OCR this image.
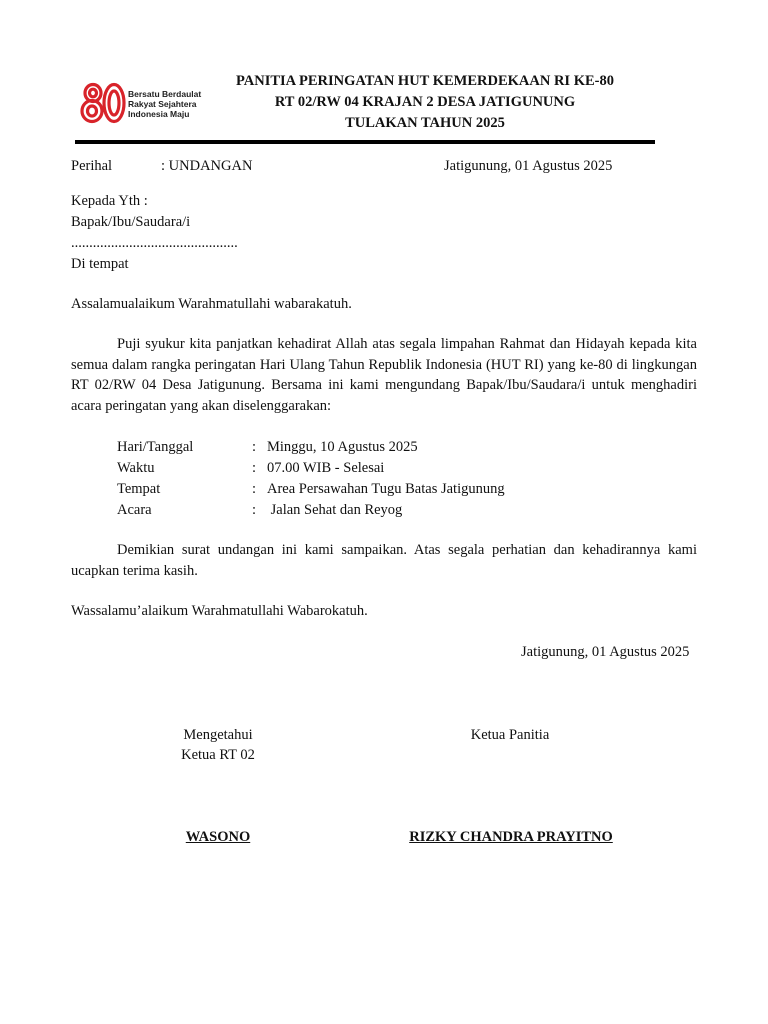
Bersatu Berdaulat
Rakyat Sejahtera
Indonesia Maju
PANITIA PERINGATAN HUT KEMERDEKAAN RI KE-80
RT 02/RW 04 KRAJAN 2 DESA JATIGUNUNG
TULAKAN TAHUN 2025
Perihal	: UNDANGAN	Jatigunung, 01 Agustus 2025
Kepada Yth :
Bapak/Ibu/Saudara/i
..............................................
Di tempat
Assalamualaikum Warahmatullahi wabarakatuh.
Puji syukur kita panjatkan kehadirat Allah atas segala limpahan Rahmat dan Hidayah kepada kita semua dalam rangka peringatan Hari Ulang Tahun Republik Indonesia (HUT RI) yang ke-80 di lingkungan RT 02/RW 04 Desa Jatigunung. Bersama ini kami mengundang Bapak/Ibu/Saudara/i untuk menghadiri acara peringatan yang akan diselenggarakan:
Hari/Tanggal	: Minggu, 10 Agustus 2025
Waktu	: 07.00 WIB - Selesai
Tempat	: Area Persawahan Tugu Batas Jatigunung
Acara	: Jalan Sehat dan Reyog
Demikian surat undangan ini kami sampaikan. Atas segala perhatian dan kehadirannya kami ucapkan terima kasih.
Wassalamu’alaikum Warahmatullahi Wabarokatuh.
Jatigunung, 01 Agustus 2025
Mengetahui
Ketua RT 02
Ketua Panitia
WASONO	RIZKY CHANDRA PRAYITNO
